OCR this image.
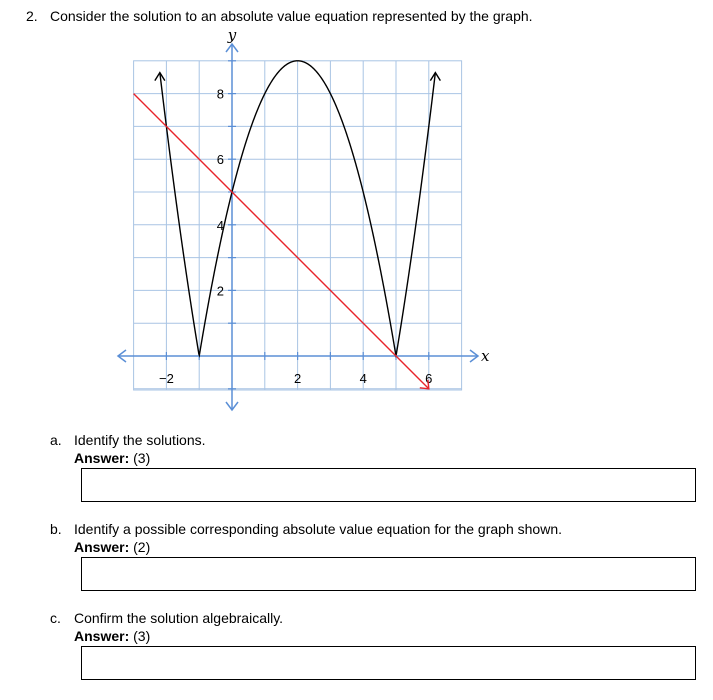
2. Consider the solution to an absolute value equation represented by the graph.
−2	2	4	6
2
4
6
8
x
y
a. Identify the solutions.
Answer: (3)
b. Identify a possible corresponding absolute value equation for the graph shown.
Answer: (2)
c. Confirm the solution algebraically.
Answer: (3)
